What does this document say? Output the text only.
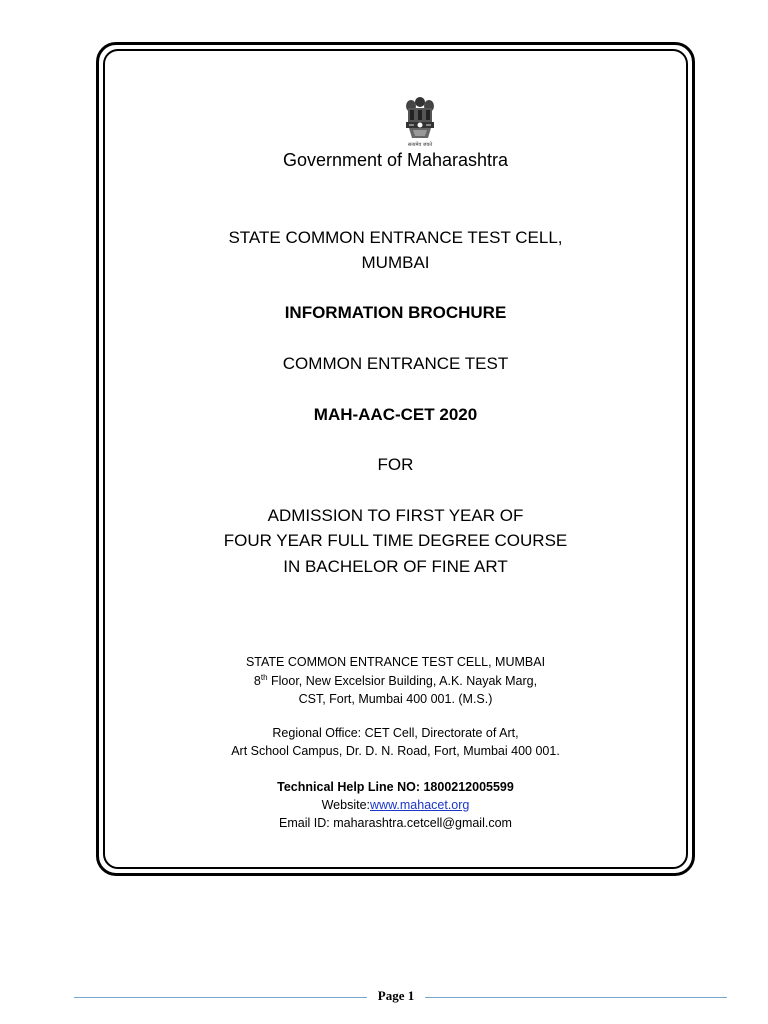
सत्यमेव जयते
Government of Maharashtra
STATE COMMON ENTRANCE TEST CELL,
MUMBAI
INFORMATION BROCHURE
COMMON ENTRANCE TEST
MAH-AAC-CET 2020
FOR
ADMISSION TO FIRST YEAR OF
FOUR YEAR FULL TIME DEGREE COURSE
IN BACHELOR OF FINE ART
STATE COMMON ENTRANCE TEST CELL, MUMBAI
8th Floor, New Excelsior Building, A.K. Nayak Marg,
CST, Fort, Mumbai 400 001. (M.S.)
Regional Office: CET Cell, Directorate of Art,
Art School Campus, Dr. D. N. Road, Fort, Mumbai 400 001.
Technical Help Line NO: 1800212005599
Website:www.mahacet.org
Email ID: maharashtra.cetcell@gmail.com
Page 1
